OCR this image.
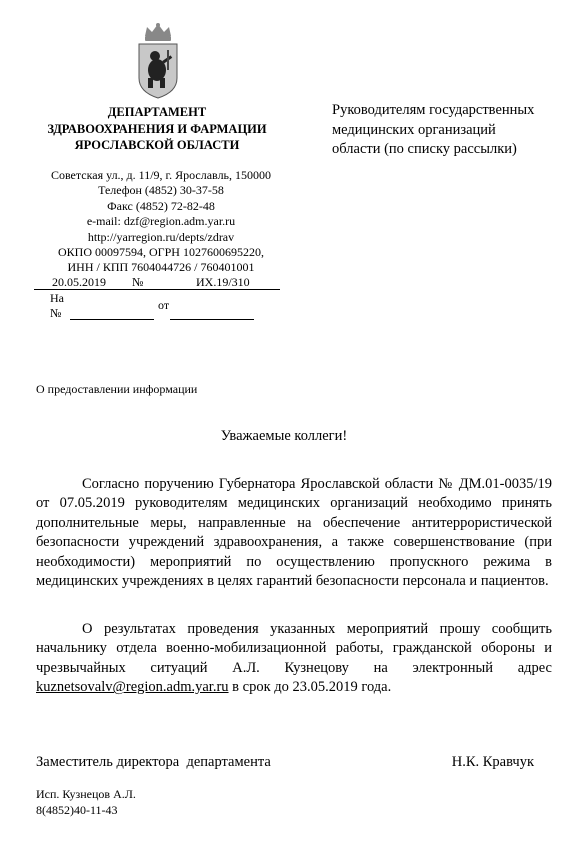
ДЕПАРТАМЕНТ
ЗДРАВООХРАНЕНИЯ И ФАРМАЦИИ
ЯРОСЛАВСКОЙ ОБЛАСТИ
Советская ул., д. 11/9, г. Ярославль, 150000
Телефон (4852) 30-37-58
Факс (4852) 72-82-48
e-mail: dzf@region.adm.yar.ru
http://yarregion.ru/depts/zdrav
ОКПО 00097594, ОГРН 1027600695220,
ИНН / КПП 7604044726 / 760401001
20.05.2019 №	ИХ.19/310
На
№
от
Руководителям государственных
медицинских организаций
области (по списку рассылки)
О предоставлении информации
Уважаемые коллеги!

Согласно поручению Губернатора Ярославской области № ДМ.01-0035/19 от 07.05.2019 руководителям медицинских организаций необходимо принять дополнительные меры, направленные на обеспечение антитеррористической безопасности учреждений здравоохранения, а также совершенствование (при необходимости) мероприятий по осуществлению пропускного режима в медицинских учреждениях в целях гарантий безопасности персонала и пациентов.

О результатах проведения указанных мероприятий прошу сообщить начальнику отдела военно-мобилизационной работы, гражданской обороны и чрезвычайных ситуаций А.Л. Кузнецову на электронный адрес kuznetsovalv@region.adm.yar.ru в срок до 23.05.2019 года.

Заместитель директора  департамента	Н.К. Кравчук
Исп. Кузнецов А.Л.
8(4852)40-11-43
